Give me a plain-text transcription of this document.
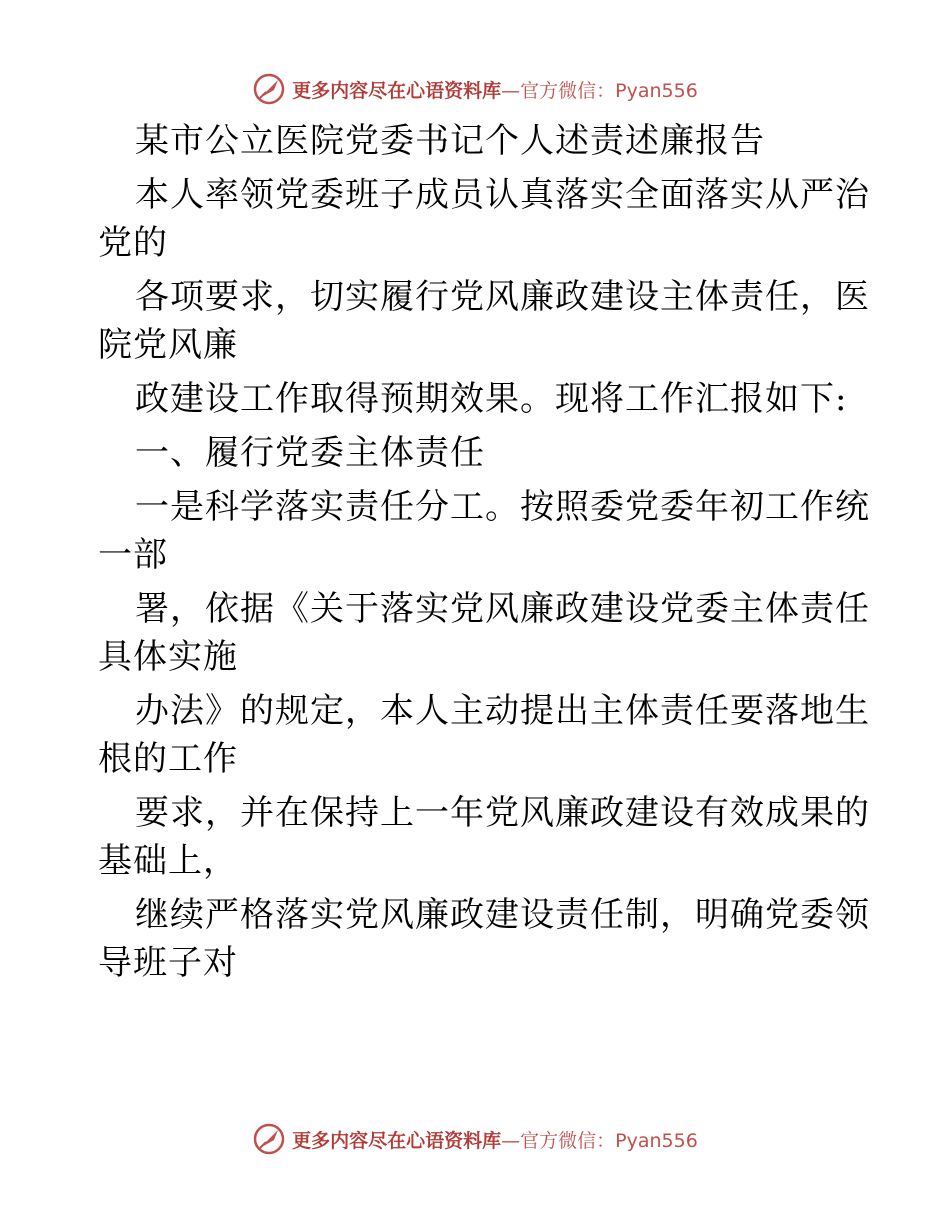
更多内容尽在心语资料库—官方微信：Pyan556
某市公立医院党委书记个人述责述廉报告
本人率领党委班子成员认真落实全面落实从严治
党的
各项要求，切实履行党风廉政建设主体责任，医
院党风廉
政建设工作取得预期效果。现将工作汇报如下:
一、履行党委主体责任
一是科学落实责任分工。按照委党委年初工作统
一部
署，依据《关于落实党风廉政建设党委主体责任
具体实施
办法》的规定，本人主动提出主体责任要落地生
根的工作
要求，并在保持上一年党风廉政建设有效成果的
基础上，
继续严格落实党风廉政建设责任制，明确党委领
导班子对
更多内容尽在心语资料库—官方微信：Pyan556
